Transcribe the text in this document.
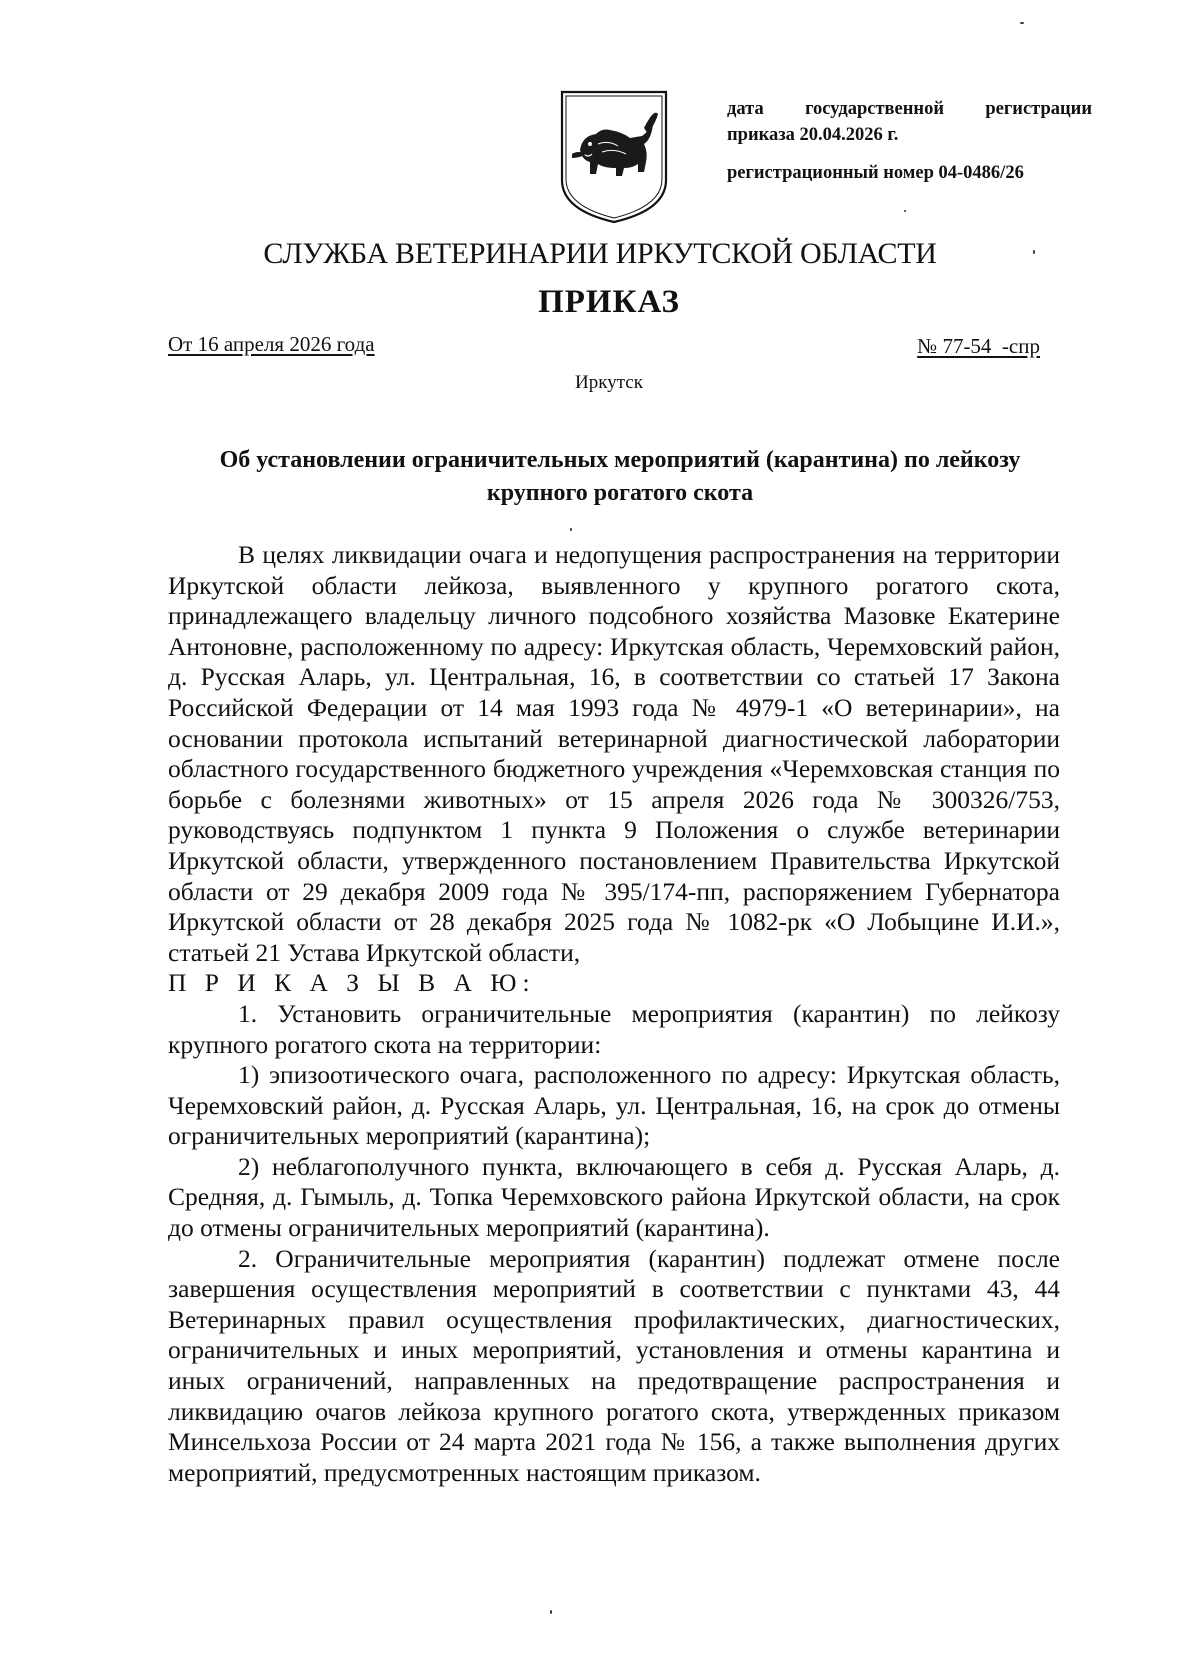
дата государственной регистрации
приказа 20.04.2026 г.
регистрационный номер 04-0486/26
СЛУЖБА ВЕТЕРИНАРИИ ИРКУТСКОЙ ОБЛАСТИ
ПРИКАЗ
От 16 апреля 2026 года	№ 77-54  -спр
Иркутск
Об установлении ограничительных мероприятий (карантина) по лейкозу крупного рогатого скота

В целях ликвидации очага и недопущения распространения на территории Иркутской области лейкоза, выявленного у крупного рогатого скота, принадлежащего владельцу личного подсобного хозяйства Мазовке Екатерине Антоновне, расположенному по адресу: Иркутская область, Черемховский район, д. Русская Аларь, ул. Центральная, 16, в соответствии со статьей 17 Закона Российской Федерации от 14 мая 1993 года № 4979-1 «О ветеринарии», на основании протокола испытаний ветеринарной диагностической лаборатории областного государственного бюджетного учреждения «Черемховская станция по борьбе с болезнями животных» от 15 апреля 2026 года № 300326/753, руководствуясь подпунктом 1 пункта 9 Положения о службе ветеринарии Иркутской области, утвержденного постановлением Правительства Иркутской области от 29 декабря 2009 года № 395/174-пп, распоряжением Губернатора Иркутской области от 28 декабря 2025 года № 1082-рк «О Лобыцине И.И.», статьей 21 Устава Иркутской области,

П Р И К А З Ы В А Ю:

1. Установить ограничительные мероприятия (карантин) по лейкозу крупного рогатого скота на территории:

1) эпизоотического очага, расположенного по адресу: Иркутская область, Черемховский район, д. Русская Аларь, ул. Центральная, 16, на срок до отмены ограничительных мероприятий (карантина);

2) неблагополучного пункта, включающего в себя д. Русская Аларь, д. Средняя, д. Гымыль, д. Топка Черемховского района Иркутской области, на срок до отмены ограничительных мероприятий (карантина).

2. Ограничительные мероприятия (карантин) подлежат отмене после завершения осуществления мероприятий в соответствии с пунктами 43, 44 Ветеринарных правил осуществления профилактических, диагностических, ограничительных и иных мероприятий, установления и отмены карантина и иных ограничений, направленных на предотвращение распространения и ликвидацию очагов лейкоза крупного рогатого скота, утвержденных приказом Минсельхоза России от 24 марта 2021 года № 156, а также выполнения других мероприятий, предусмотренных настоящим приказом.
